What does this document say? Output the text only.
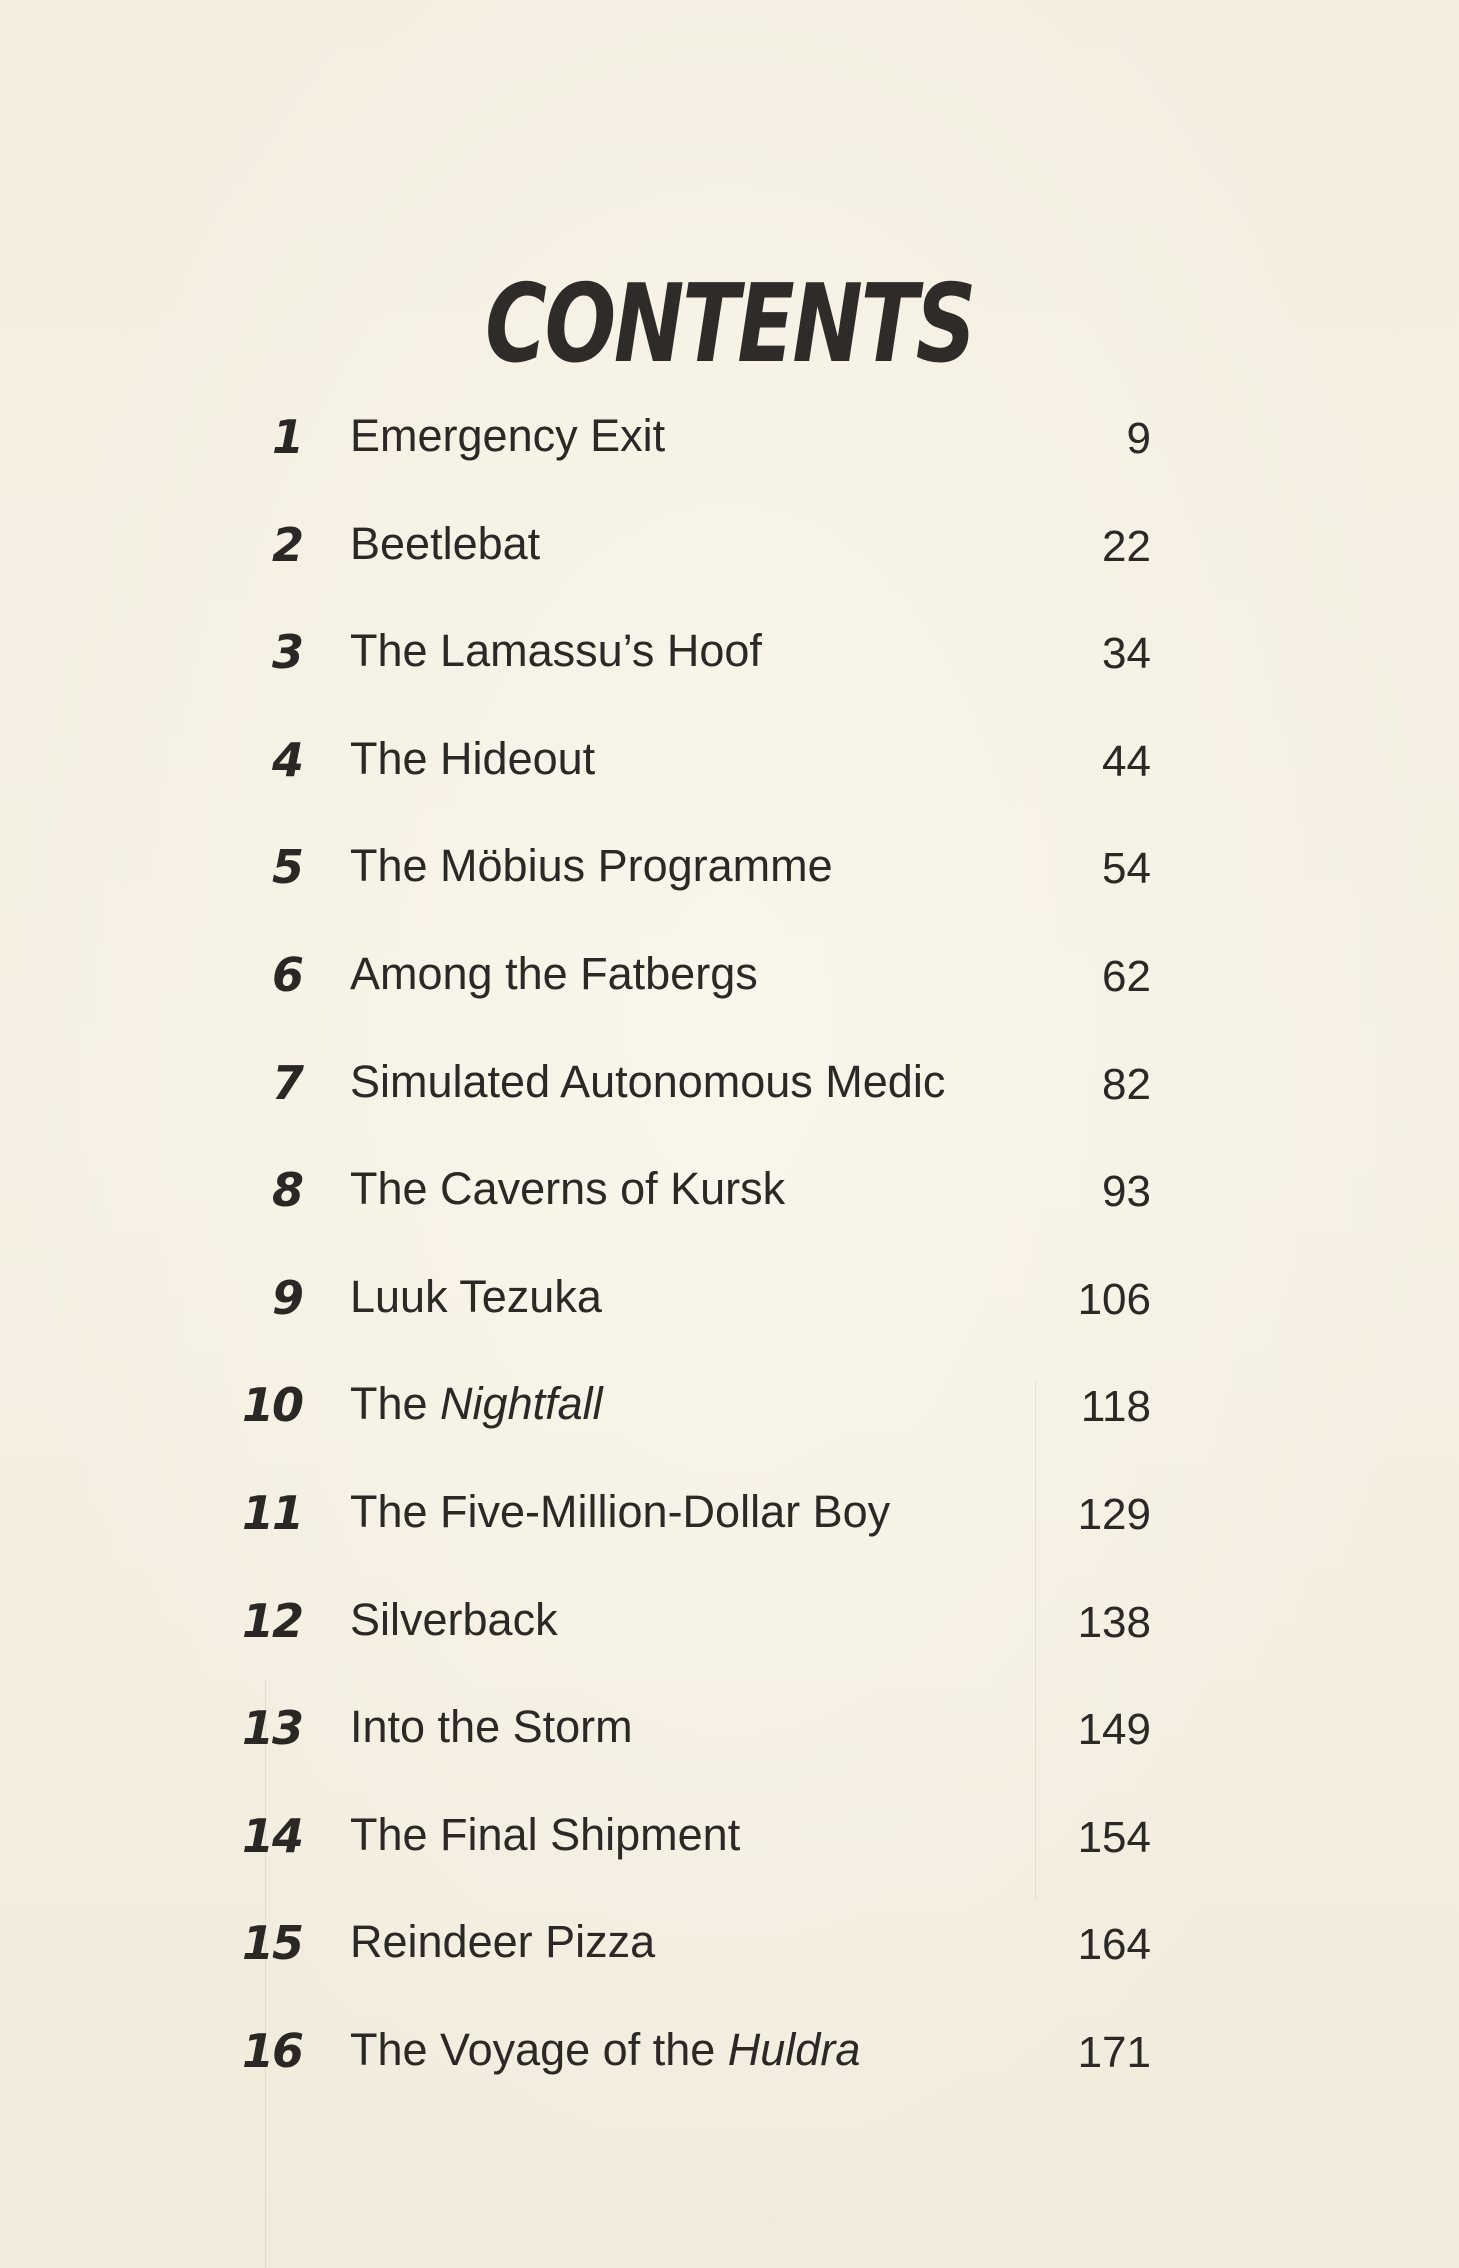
CONTENTS
1 Emergency Exit	9
2 Beetlebat	22
3 The Lamassu’s Hoof	34
4 The Hideout	44
5 The Möbius Programme	54
6 Among the Fatbergs	62
7 Simulated Autonomous Medic	82
8 The Caverns of Kursk	93
9 Luuk Tezuka	106
10 The Nightfall	118
11 The Five-Million-Dollar Boy	129
12 Silverback	138
13 Into the Storm	149
14 The Final Shipment	154
15 Reindeer Pizza	164
16 The Voyage of the Huldra	171
